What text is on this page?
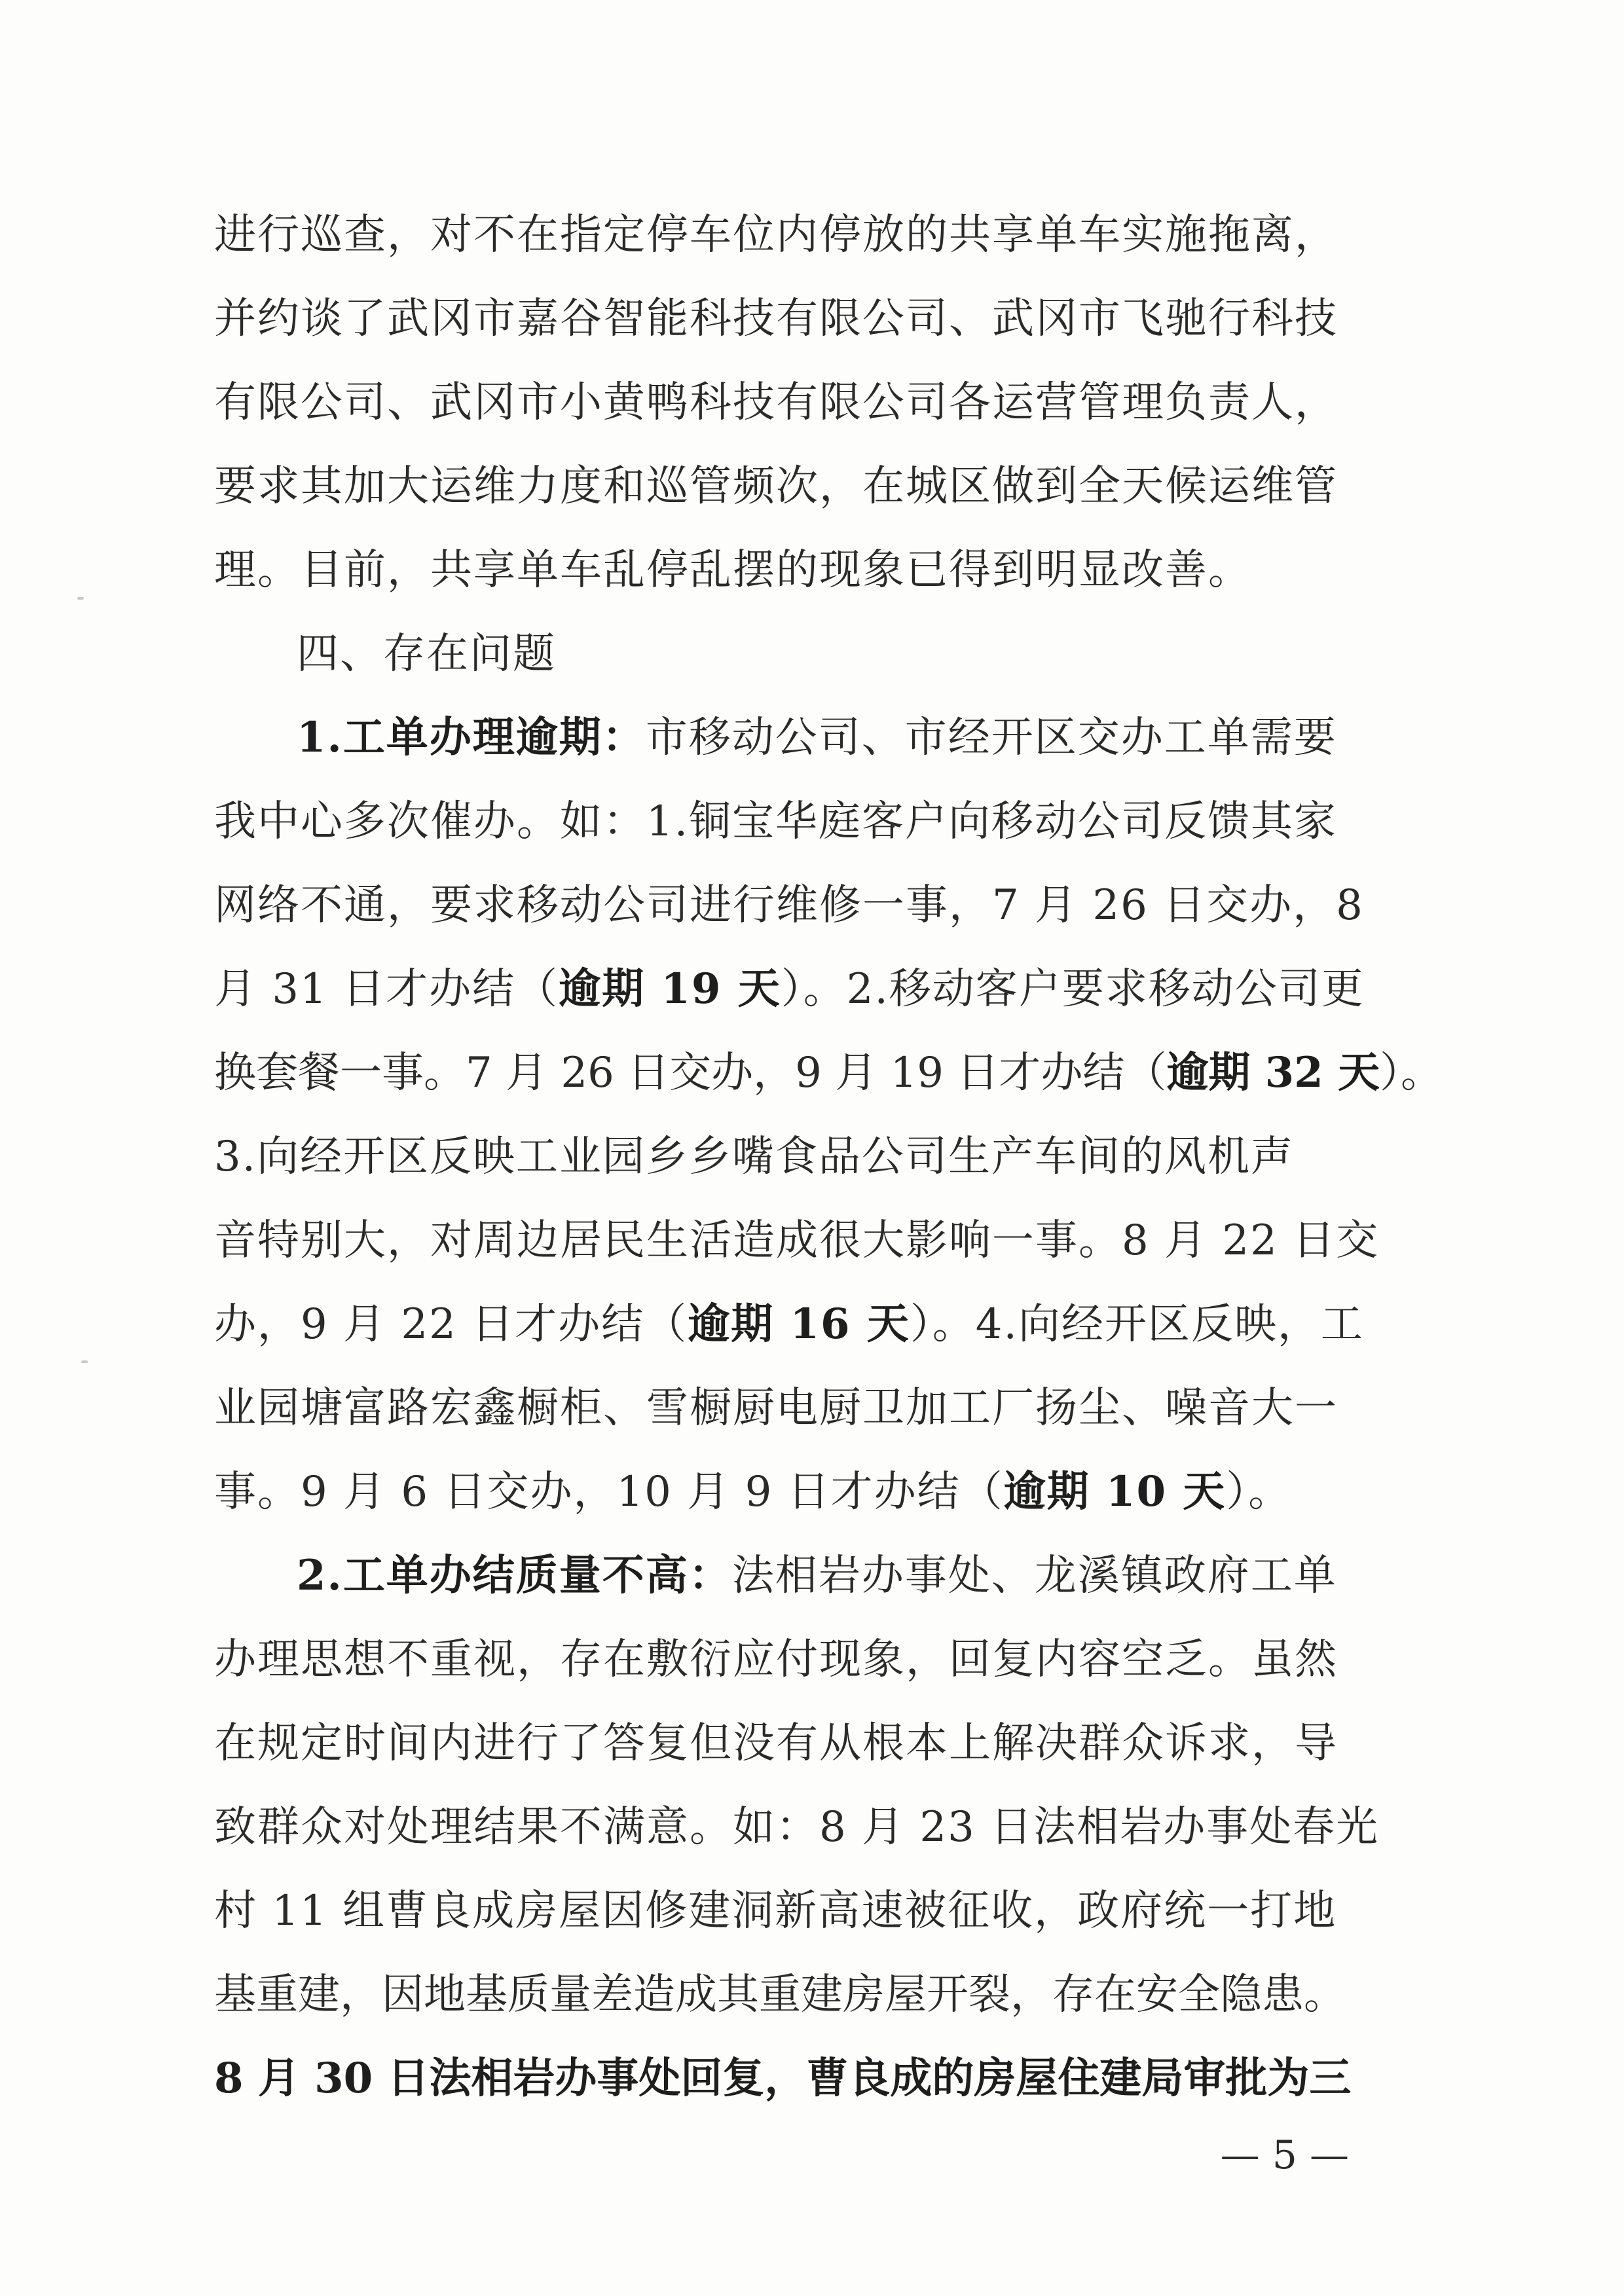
进行巡查，对不在指定停车位内停放的共享单车实施拖离，
并约谈了武冈市嘉谷智能科技有限公司、武冈市飞驰行科技
有限公司、武冈市小黄鸭科技有限公司各运营管理负责人，
要求其加大运维力度和巡管频次，在城区做到全天候运维管
理。目前，共享单车乱停乱摆的现象已得到明显改善。
四、存在问题
1.工单办理逾期：市移动公司、市经开区交办工单需要
我中心多次催办。如：1.铜宝华庭客户向移动公司反馈其家
网络不通，要求移动公司进行维修一事，7 月 26 日交办，8
月 31 日才办结（逾期 19 天）。2.移动客户要求移动公司更
换套餐一事。7 月 26 日交办，9 月 19 日才办结（逾期 32 天）。
3.向经开区反映工业园乡乡嘴食品公司生产车间的风机声
音特别大，对周边居民生活造成很大影响一事。8 月 22 日交
办，9 月 22 日才办结（逾期 16 天）。4.向经开区反映，工
业园塘富路宏鑫橱柜、雪橱厨电厨卫加工厂扬尘、噪音大一
事。9 月 6 日交办，10 月 9 日才办结（逾期 10 天）。
2.工单办结质量不高：法相岩办事处、龙溪镇政府工单
办理思想不重视，存在敷衍应付现象，回复内容空乏。虽然
在规定时间内进行了答复但没有从根本上解决群众诉求，导
致群众对处理结果不满意。如：8 月 23 日法相岩办事处春光
村 11 组曹良成房屋因修建洞新高速被征收，政府统一打地
基重建，因地基质量差造成其重建房屋开裂，存在安全隐患。
8 月 30 日法相岩办事处回复，曹良成的房屋住建局审批为三
— 5 —
